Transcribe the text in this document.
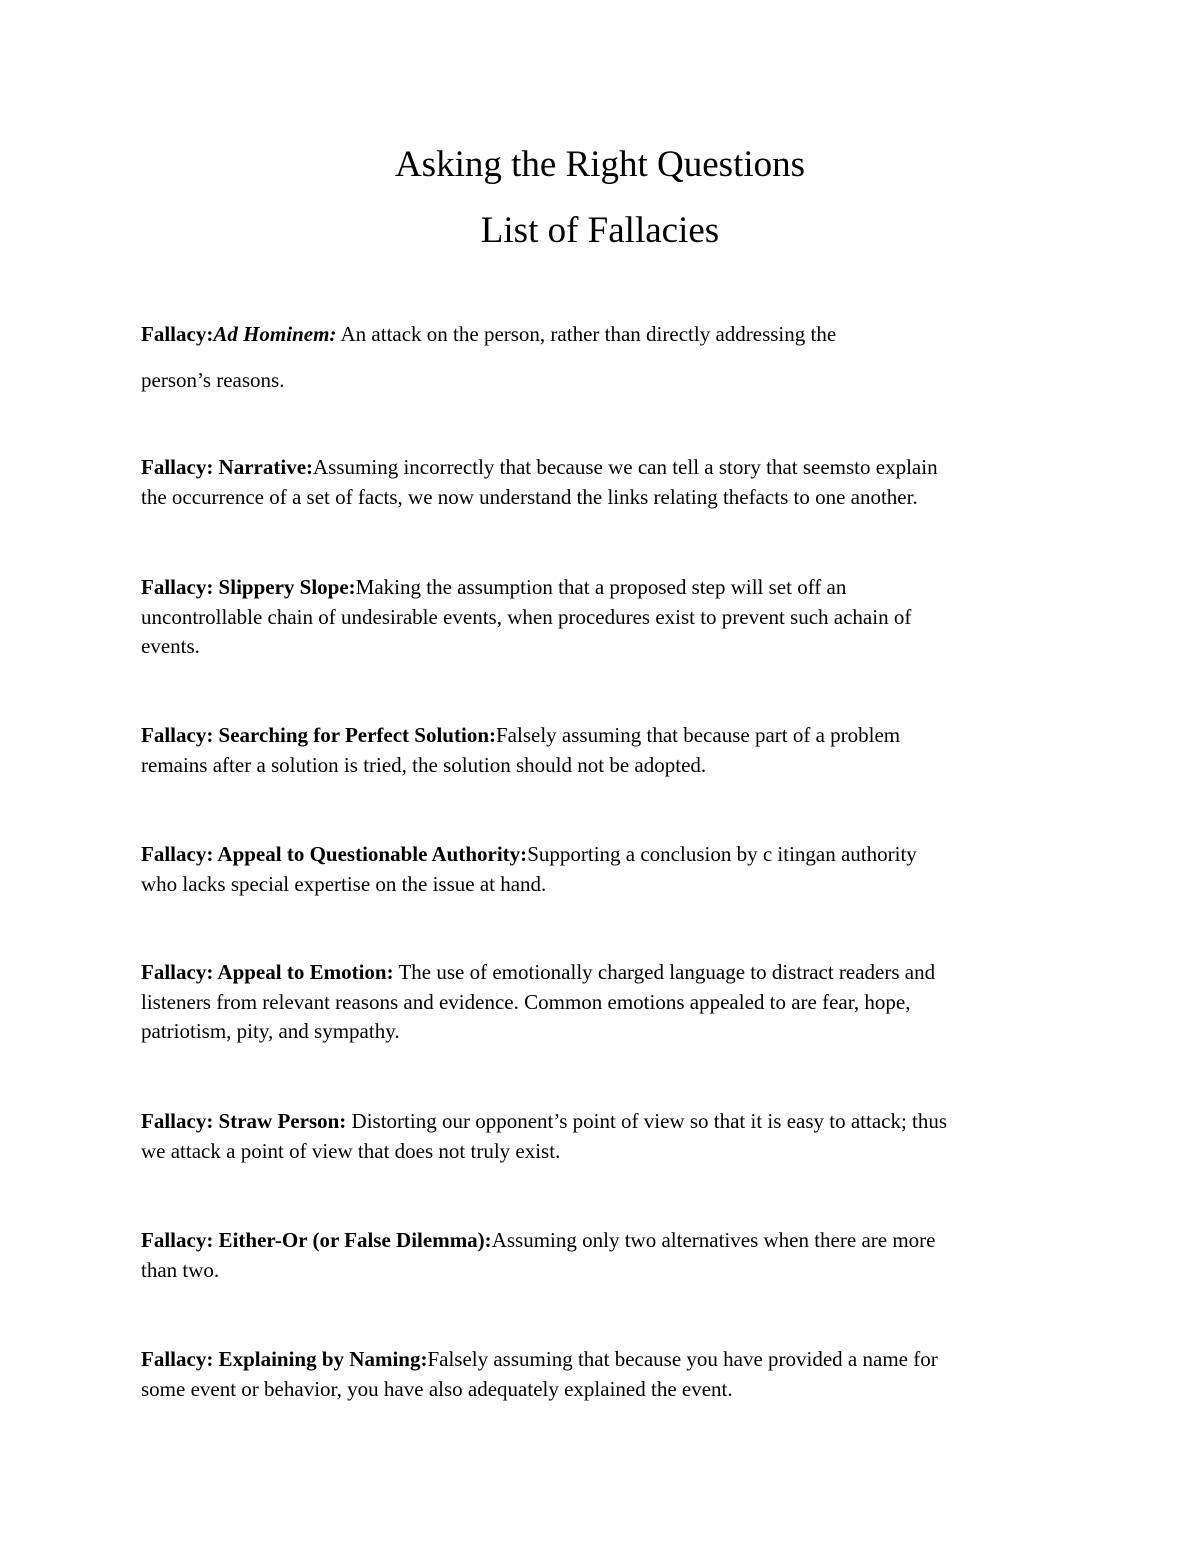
Asking the Right Questions
List of Fallacies
Fallacy:Ad Hominem: An attack on the person, rather than directly addressing the
person’s reasons.
Fallacy: Narrative:Assuming incorrectly that because we can tell a story that seemsto explain
the occurrence of a set of facts, we now understand the links relating thefacts to one another.
Fallacy: Slippery Slope:Making the assumption that a proposed step will set off an
uncontrollable chain of undesirable events, when procedures exist to prevent such achain of
events.
Fallacy: Searching for Perfect Solution:Falsely assuming that because part of a problem
remains after a solution is tried, the solution should not be adopted.
Fallacy: Appeal to Questionable Authority:Supporting a conclusion by c itingan authority
who lacks special expertise on the issue at hand.
Fallacy: Appeal to Emotion: The use of emotionally charged language to distract readers and
listeners from relevant reasons and evidence. Common emotions appealed to are fear, hope,
patriotism, pity, and sympathy.
Fallacy: Straw Person: Distorting our opponent’s point of view so that it is easy to attack; thus
we attack a point of view that does not truly exist.
Fallacy: Either-Or (or False Dilemma):Assuming only two alternatives when there are more
than two.
Fallacy: Explaining by Naming:Falsely assuming that because you have provided a name for
some event or behavior, you have also adequately explained the event.
